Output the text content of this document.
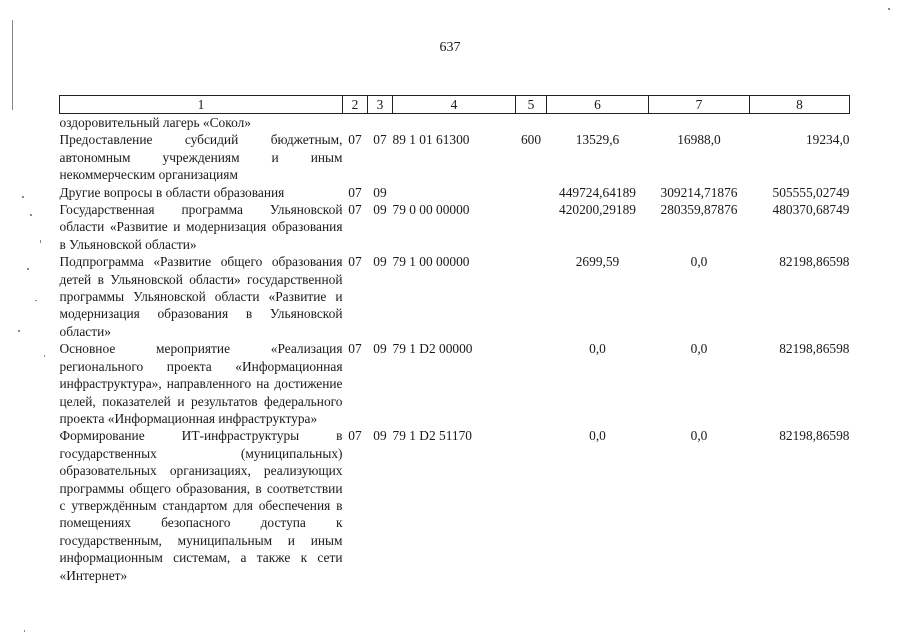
637
1	2	3	4	5	6	7	8
оздоровительный лагерь «Сокол»							
Предоставление субсидий бюджетным, автономным учреждениям и иным некоммерческим организациям	07	07	89 1 01 61300	600	13529,6	16988,0	19234,0
Другие вопросы в области образования	07	09			449724,64189	309214,71876	505555,02749
Государственная программа Ульяновской области «Развитие и модернизация образования в Ульяновской области»	07	09	79 0 00 00000		420200,29189	280359,87876	480370,68749
Подпрограмма «Развитие общего образования детей в Ульяновской области» государственной программы Ульяновской области «Развитие и модернизация образования в Ульяновской области»	07	09	79 1 00 00000		2699,59	0,0	82198,86598
Основное мероприятие «Реализация регионального проекта «Информационная инфраструктура», направленного на достижение целей, показателей и результатов федерального проекта «Информационная инфраструктура»	07	09	79 1 D2 00000		0,0	0,0	82198,86598
Формирование ИТ-инфраструктуры в государственных (муниципальных) образовательных организациях, реализующих программы общего образования, в соответствии с утверждённым стандартом для обеспечения в помещениях безопасного доступа к государственным, муниципальным и иным информационным системам, а также к сети «Интернет»	07	09	79 1 D2 51170		0,0	0,0	82198,86598
